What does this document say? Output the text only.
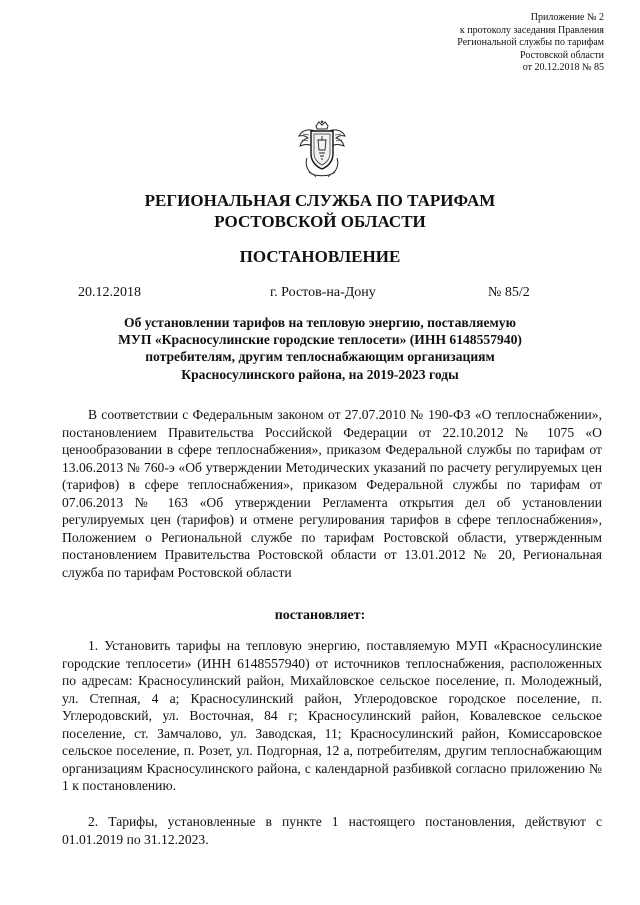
Приложение № 2
к протоколу заседания Правления
Региональной службы по тарифам
Ростовской области
от 20.12.2018 № 85
РЕГИОНАЛЬНАЯ СЛУЖБА ПО ТАРИФАМ
РОСТОВСКОЙ ОБЛАСТИ
ПОСТАНОВЛЕНИЕ
20.12.2018	г. Ростов-на-Дону	№ 85/2
Об установлении тарифов на тепловую энергию, поставляемую
МУП «Красносулинские городские теплосети» (ИНН 6148557940)
потребителям, другим теплоснабжающим организациям
Красносулинского района, на 2019-2023 годы

В соответствии с Федеральным законом от 27.07.2010 № 190-ФЗ «О теплоснабжении», постановлением Правительства Российской Федерации от 22.10.2012 № 1075 «О ценообразовании в сфере теплоснабжения», приказом Федеральной службы по тарифам от 13.06.2013 № 760-э «Об утверждении Методических указаний по расчету регулируемых цен (тарифов) в сфере теплоснабжения», приказом Федеральной службы по тарифам от 07.06.2013 № 163 «Об утверждении Регламента открытия дел об установлении регулируемых цен (тарифов) и отмене регулирования тарифов в сфере теплоснабжения», Положением о Региональной службе по тарифам Ростовской области, утвержденным постановлением Правительства Ростовской области от 13.01.2012 № 20, Региональная служба по тарифам Ростовской области

постановляет:

1. Установить тарифы на тепловую энергию, поставляемую МУП «Красносулинские городские теплосети» (ИНН 6148557940) от источников теплоснабжения, расположенных по адресам: Красносулинский район, Михайловское сельское поселение, п. Молодежный, ул. Степная, 4 а; Красносулинский район, Углеродовское городское поселение, п. Углеродовский, ул. Восточная, 84 г; Красносулинский район, Ковалевское сельское поселение, ст. Замчалово, ул. Заводская, 11; Красносулинский район, Комиссаровское сельское поселение, п. Розет, ул. Подгорная, 12 а, потребителям, другим теплоснабжающим организациям Красносулинского района, с календарной разбивкой согласно приложению № 1 к постановлению.

2. Тарифы, установленные в пункте 1 настоящего постановления, действуют с 01.01.2019 по 31.12.2023.
